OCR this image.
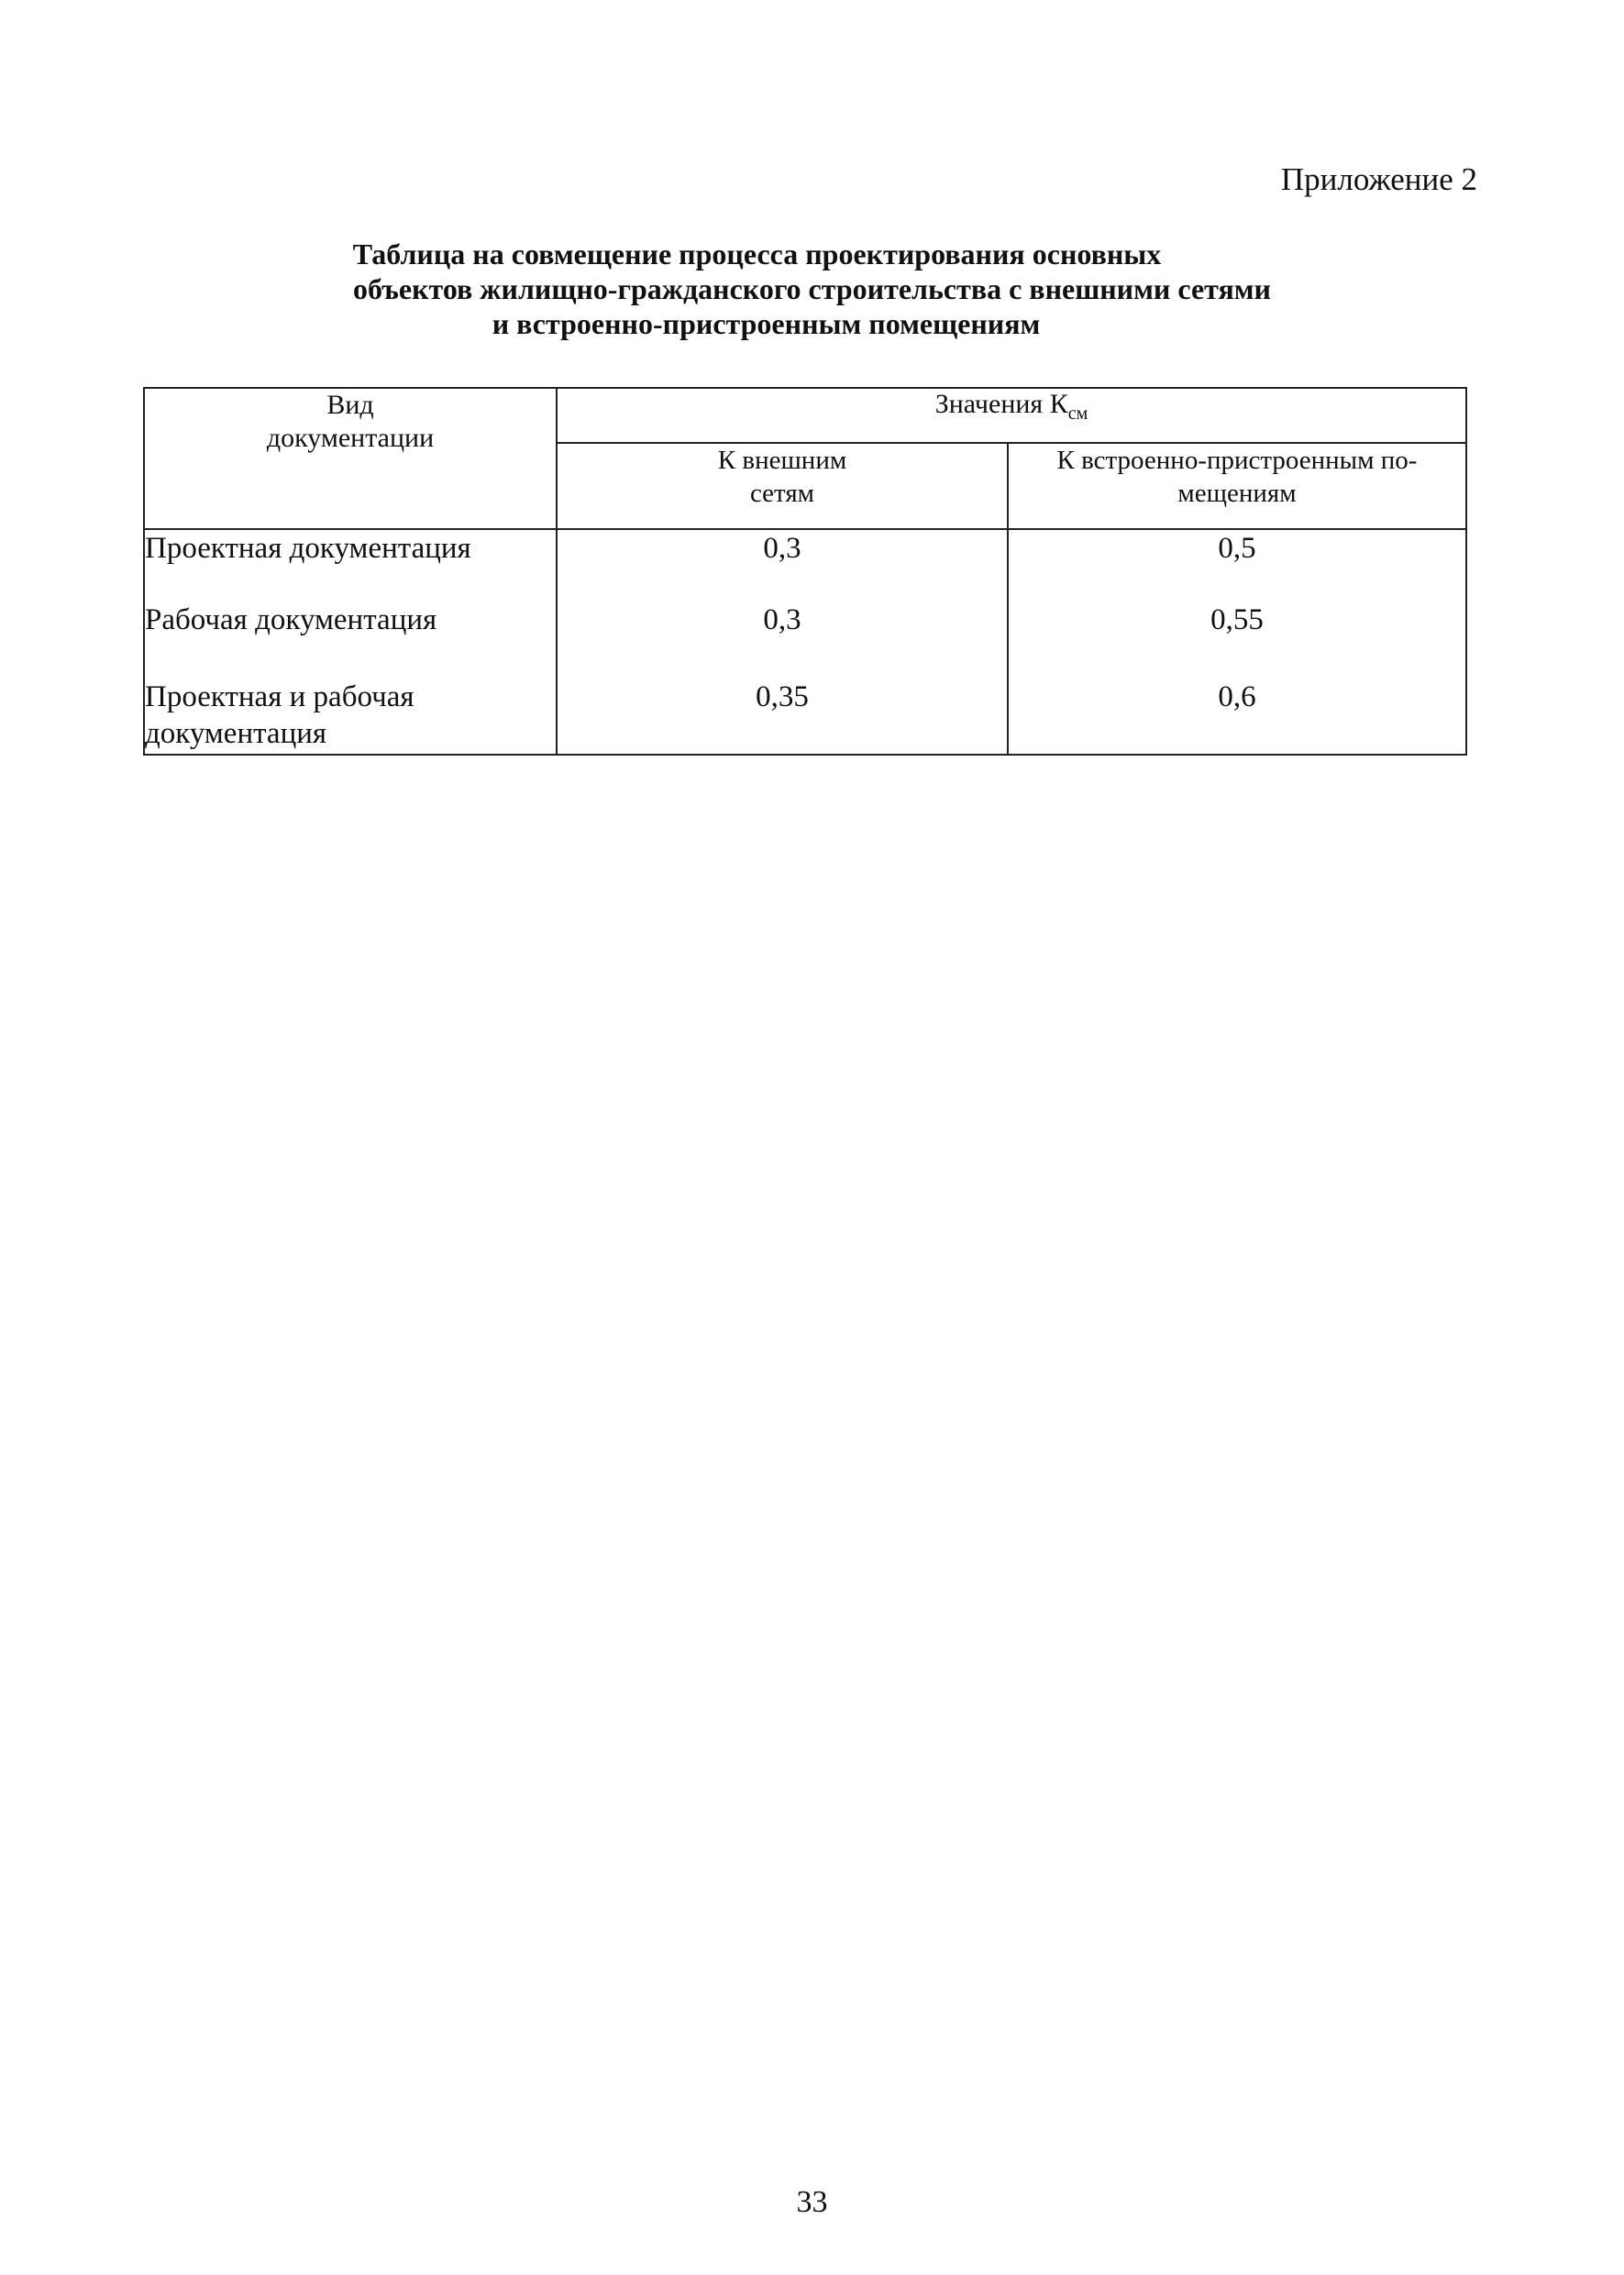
Приложение 2
Таблица на совмещение процесса проектирования основных
объектов жилищно-гражданского строительства с внешними сетями
и встроенно-пристроенным помещениям
Вид
документации	Значения $К_{см}$
	К внешним
сетям	К встроенно-пристроенным по-
мещениям
Проектная документация	0,3	0,5
Рабочая документация	0,3	0,55
Проектная и рабочая документация	0,35	0,6
33
